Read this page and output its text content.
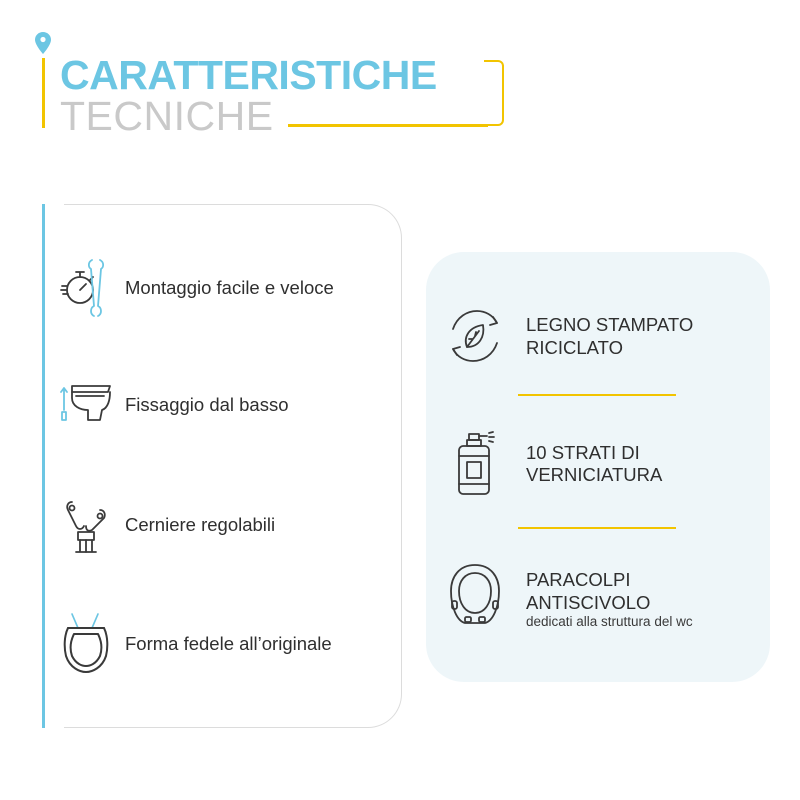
CARATTERISTICHE
TECNICHE
Montaggio facile e veloce
Fissaggio dal basso
Cerniere regolabili
Forma fedele all’originale
LEGNO STAMPATO
RICICLATO
10 STRATI DI
VERNICIATURA
PARACOLPI
ANTISCIVOLO
dedicati alla struttura del wc
